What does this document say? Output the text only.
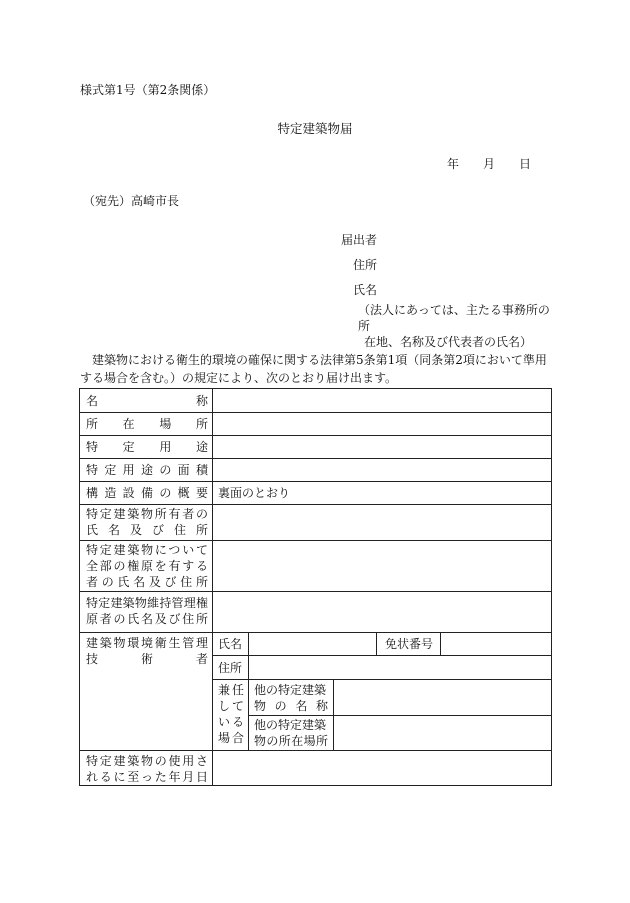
様式第1号（第2条関係）
特定建築物届
年 月 日
（宛先）高崎市長
届出者
住所
氏名
（法人にあっては、主たる事務所の所
在地、名称及び代表者の氏名）
建築物における衛生的環境の確保に関する法律第5条第1項（同条第2項において準用する場合を含む。）の規定により、次のとおり届け出ます。
名　　　　　　　称
所　　在　　場　　所
特　　定　　用　　途
特定用途の面積
構造設備の概要 裏面のとおり
特定建築物所有者の
氏名及び住所
特定建築物について
全部の権原を有する
者の氏名及び住所
特定建築物維持管理権
原者の氏名及び住所
建築物環境衛生管理
技　　術　　者
氏名	免状番号
住所
兼任
して
いる
場合
他の特定建築
物の名称
他の特定建築
物の所在場所
特定建築物の使用さ
れるに至った年月日
